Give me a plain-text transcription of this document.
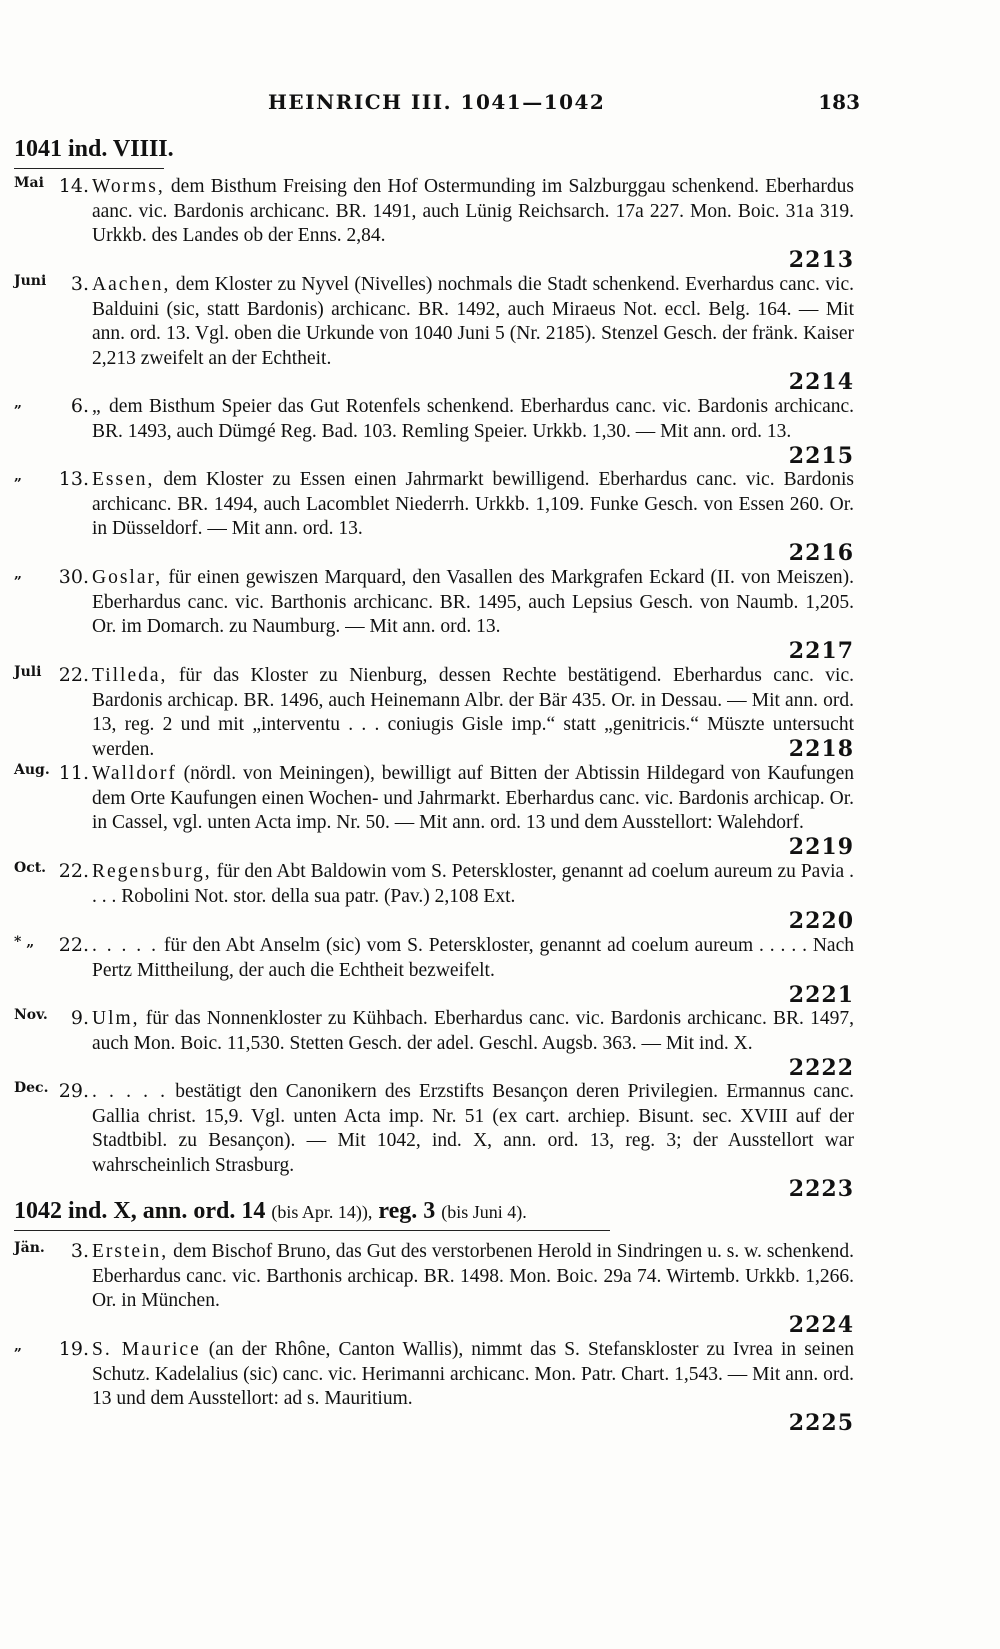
HEINRICH III. 1041—1042	183
1041 ind. VIIII.
Mai 14. Worms, dem Bisthum Freising den Hof Ostermunding im Salzburggau schenkend. Eberhardus aanc. vic. Bardonis archicanc. BR. 1491, auch Lünig Reichsarch. 17a 227. Mon. Boic. 31a 319. Urkkb. des Landes ob der Enns. 2,84.
2213
Juni	3. Aachen, dem Kloster zu Nyvel (Nivelles) nochmals die Stadt schenkend. Everhardus canc. vic. Balduini (sic, statt Bardonis) archicanc. BR. 1492, auch Miraeus Not. eccl. Belg. 164. — Mit ann. ord. 13. Vgl. oben die Urkunde von 1040 Juni 5 (Nr. 2185). Stenzel Gesch. der fränk. Kaiser 2,213 zweifelt an der Echtheit.
2214
„	6. „ dem Bisthum Speier das Gut Rotenfels schenkend. Eberhardus canc. vic. Bardonis archicanc. BR. 1493, auch Dümgé Reg. Bad. 103. Remling Speier. Urkkb. 1,30. — Mit ann. ord. 13.
2215
„	13. Essen, dem Kloster zu Essen einen Jahrmarkt bewilligend. Eberhardus canc. vic. Bardonis archicanc. BR. 1494, auch Lacomblet Niederrh. Urkkb. 1,109. Funke Gesch. von Essen 260. Or. in Düsseldorf. — Mit ann. ord. 13.
2216
„	30. Goslar, für einen gewiszen Marquard, den Vasallen des Markgrafen Eckard (II. von Meiszen). Eberhardus canc. vic. Barthonis archicanc. BR. 1495, auch Lepsius Gesch. von Naumb. 1,205. Or. im Domarch. zu Naumburg. — Mit ann. ord. 13.
2217
Juli 22. Tilleda, für das Kloster zu Nienburg, dessen Rechte bestätigend. Eberhardus canc. vic. Bardonis archicap. BR. 1496, auch Heinemann Albr. der Bär 435. Or. in Dessau. — Mit ann. ord. 13, reg. 2 und mit „interventu . . . coniugis Gisle imp.“ statt „genitricis.“ Müszte untersucht werden.	2218
Aug. 11. Walldorf (nördl. von Meiningen), bewilligt auf Bitten der Abtissin Hildegard von Kaufungen dem Orte Kaufungen einen Wochen- und Jahrmarkt. Eberhardus canc. vic. Bardonis archicap. Or. in Cassel, vgl. unten Acta imp. Nr. 50. — Mit ann. ord. 13 und dem Ausstellort: Walehdorf.
2219
Oct. 22. Regensburg, für den Abt Baldowin vom S. Peterskloster, genannt ad coelum aureum zu Pavia . . . . Robolini Not. stor. della sua patr. (Pav.) 2,108 Ext.
2220
* „	22. . . . . . für den Abt Anselm (sic) vom S. Peterskloster, genannt ad coelum aureum . . . . . Nach Pertz Mittheilung, der auch die Echtheit bezweifelt.
2221
Nov.	9. Ulm, für das Nonnenkloster zu Kühbach. Eberhardus canc. vic. Bardonis archicanc. BR. 1497, auch Mon. Boic. 11,530. Stetten Gesch. der adel. Geschl. Augsb. 363. — Mit ind. X.
2222
Dec. 29. . . . . . bestätigt den Canonikern des Erzstifts Besançon deren Privilegien. Ermannus canc. Gallia christ. 15,9. Vgl. unten Acta imp. Nr. 51 (ex cart. archiep. Bisunt. sec. XVIII auf der Stadtbibl. zu Besançon). — Mit 1042, ind. X, ann. ord. 13, reg. 3; der Ausstellort war wahrscheinlich Strasburg.
2223
1042 ind. X, ann. ord. 14 (bis Apr. 14)), reg. 3 (bis Juni 4).
Jän.	3. Erstein, dem Bischof Bruno, das Gut des verstorbenen Herold in Sindringen u. s. w. schenkend. Eberhardus canc. vic. Barthonis archicap. BR. 1498. Mon. Boic. 29a 74. Wirtemb. Urkkb. 1,266. Or. in München.
2224
„	19. S. Maurice (an der Rhône, Canton Wallis), nimmt das S. Stefanskloster zu Ivrea in seinen Schutz. Kadelalius (sic) canc. vic. Herimanni archicanc. Mon. Patr. Chart. 1,543. — Mit ann. ord. 13 und dem Ausstellort: ad s. Mauritium.
2225
